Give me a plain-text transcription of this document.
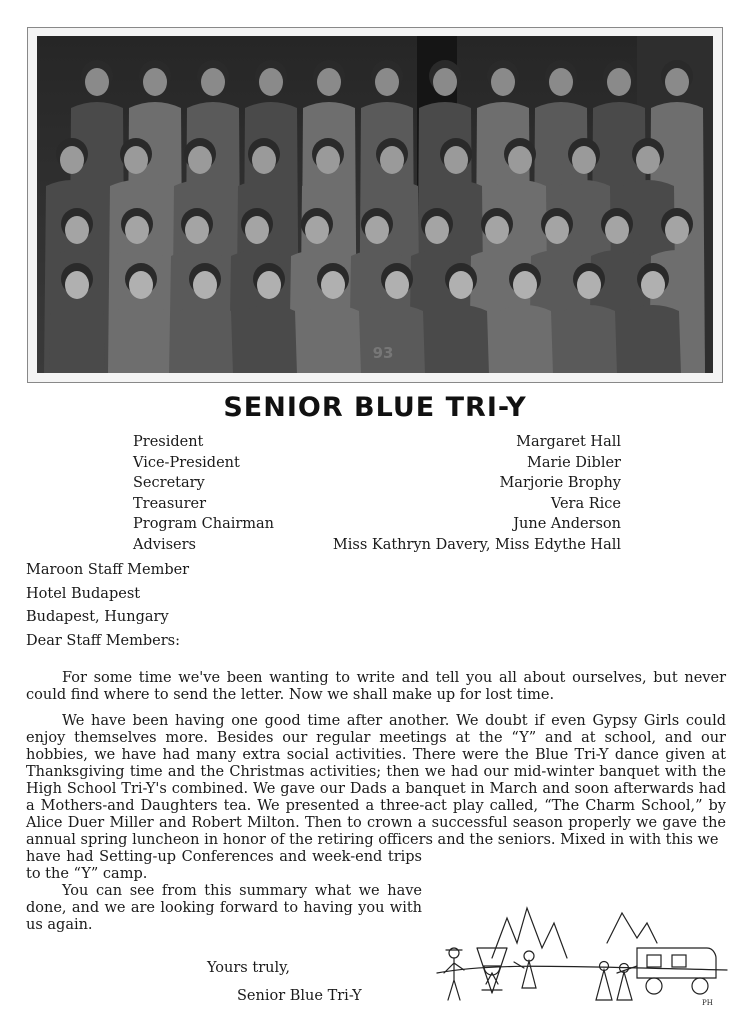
93
SENIOR BLUE TRI-Y
President	Margaret Hall
Vice-President	Marie Dibler
Secretary	Marjorie Brophy
Treasurer	Vera Rice
Program Chairman	June Anderson
Advisers	Miss Kathryn Davery, Miss Edythe Hall
Maroon Staff Member
Hotel Budapest
Budapest, Hungary
Dear Staff Members:

For some time we've been wanting to write and tell you all about ourselves, but never could find where to send the letter. Now we shall make up for lost time.

We have been having one good time after another. We doubt if even Gypsy Girls could enjoy themselves more. Besides our regular meetings at the “Y” and at school, and our hobbies, we have had many extra social activities. There were the Blue Tri-Y dance given at Thanksgiving time and the Christmas activities; then we had our mid-winter banquet with the High School Tri-Y's combined. We gave our Dads a banquet in March and soon afterwards had a Mothers-and Daughters tea. We presented a three-act play called, “The Charm School,” by Alice Duer Miller and Robert Milton. Then to crown a successful season properly we gave the annual spring luncheon in honor of the retiring officers and the seniors. Mixed in with this we

have had Setting-up Conferences and week-end trips to the “Y” camp.

You can see from this summary what we have done, and we are looking forward to having you with us again.

Yours truly,
Senior Blue Tri-Y	PH
